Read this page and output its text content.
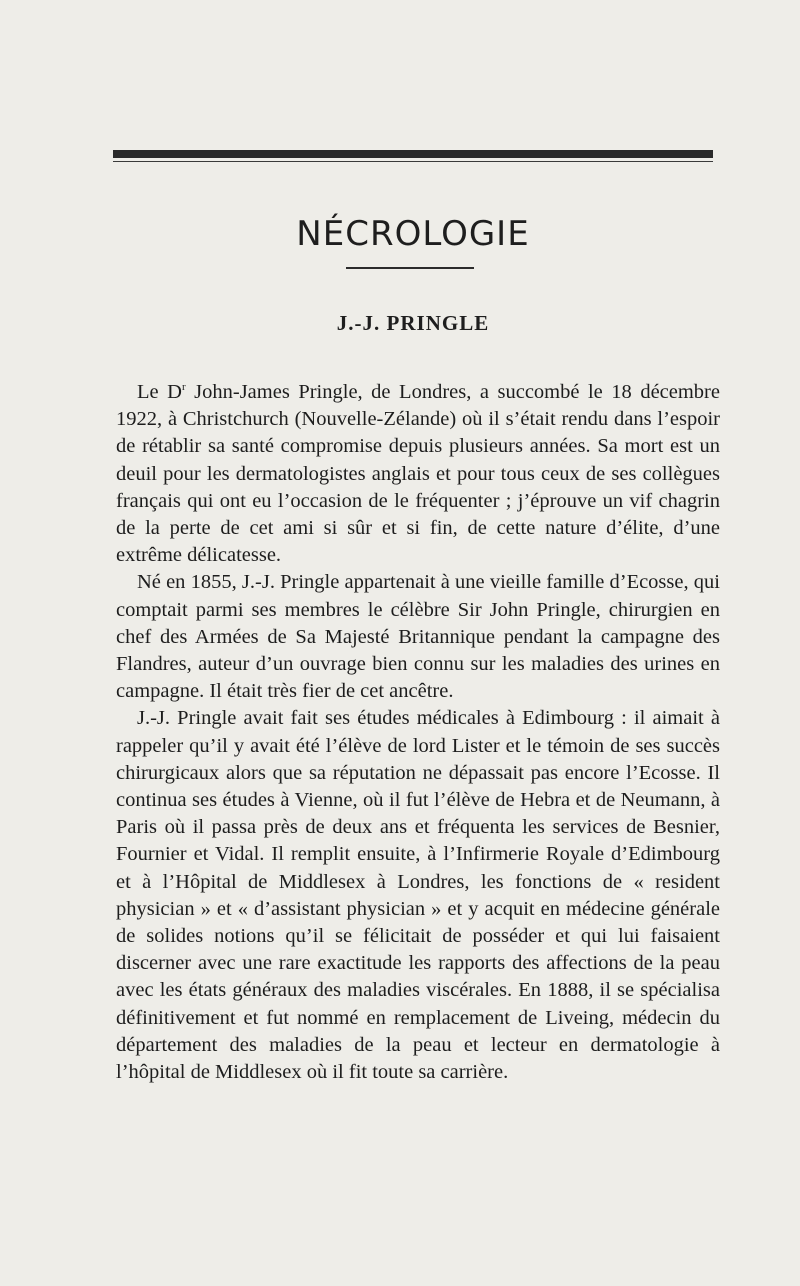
NÉCROLOGIE
J.-J. PRINGLE

Le $D^r$ John-James Pringle, de Londres, a succombé le 18 décembre 1922, à Christchurch (Nouvelle-Zélande) où il s’était rendu dans l’espoir de rétablir sa santé compromise depuis plusieurs années. Sa mort est un deuil pour les dermatologistes anglais et pour tous ceux de ses collègues français qui ont eu l’occasion de le fréquenter ; j’éprouve un vif chagrin de la perte de cet ami si sûr et si fin, de cette nature d’élite, d’une extrême délicatesse.

Né en 1855, J.-J. Pringle appartenait à une vieille famille d’Ecosse, qui comptait parmi ses membres le célèbre Sir John Pringle, chirurgien en chef des Armées de Sa Majesté Britannique pendant la campagne des Flandres, auteur d’un ouvrage bien connu sur les maladies des urines en campagne. Il était très fier de cet ancêtre.

J.-J. Pringle avait fait ses études médicales à Edimbourg : il aimait à rappeler qu’il y avait été l’élève de lord Lister et le témoin de ses succès chirurgicaux alors que sa réputation ne dépassait pas encore l’Ecosse. Il continua ses études à Vienne, où il fut l’élève de Hebra et de Neumann, à Paris où il passa près de deux ans et fréquenta les services de Besnier, Fournier et Vidal. Il remplit ensuite, à l’Infirmerie Royale d’Edimbourg et à l’Hôpital de Middlesex à Londres, les fonctions de « resident physician » et « d’assistant physician » et y acquit en médecine générale de solides notions qu’il se félicitait de posséder et qui lui faisaient discerner avec une rare exactitude les rapports des affections de la peau avec les états généraux des maladies viscérales. En 1888, il se spécialisa définitivement et fut nommé en remplacement de Liveing, médecin du département des maladies de la peau et lecteur en dermatologie à l’hôpital de Middlesex où il fit toute sa carrière.
